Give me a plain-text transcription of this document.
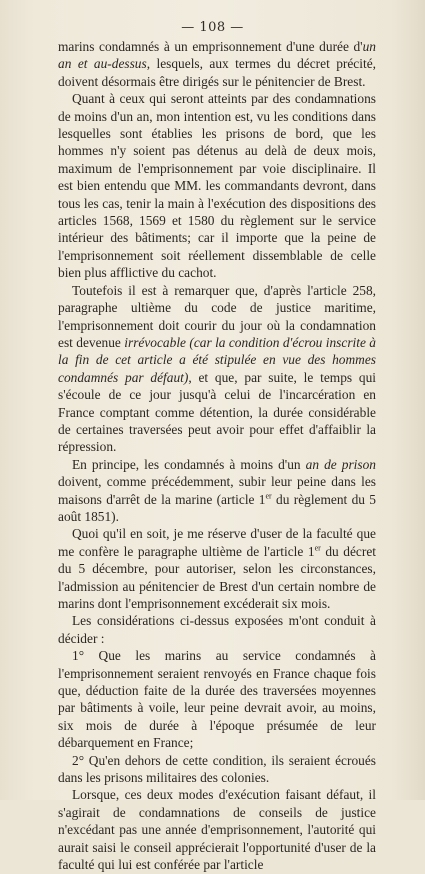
— 108 —

marins condamnés à un emprisonnement d'une durée d'un an et au-dessus, lesquels, aux termes du décret précité, doivent désormais être dirigés sur le pénitencier de Brest.

Quant à ceux qui seront atteints par des condamnations de moins d'un an, mon intention est, vu les conditions dans lesquelles sont établies les prisons de bord, que les hommes n'y soient pas détenus au delà de deux mois, maximum de l'emprisonnement par voie disciplinaire. Il est bien entendu que MM. les commandants devront, dans tous les cas, tenir la main à l'exécution des dispositions des articles 1568, 1569 et 1580 du règlement sur le service intérieur des bâtiments; car il importe que la peine de l'emprisonnement soit réellement dissemblable de celle bien plus afflictive du cachot.

Toutefois il est à remarquer que, d'après l'article 258, paragraphe ultième du code de justice maritime, l'emprisonnement doit courir du jour où la condamnation est devenue irrévocable (car la condition d'écrou inscrite à la fin de cet article a été stipulée en vue des hommes condamnés par défaut), et que, par suite, le temps qui s'écoule de ce jour jusqu'à celui de l'incarcération en France comptant comme détention, la durée considérable de certaines traversées peut avoir pour effet d'affaiblir la répression.

En principe, les condamnés à moins d'un an de prison doivent, comme précédemment, subir leur peine dans les maisons d'arrêt de la marine (article 1er du règlement du 5 août 1851).

Quoi qu'il en soit, je me réserve d'user de la faculté que me confère le paragraphe ultième de l'article 1er du décret du 5 décembre, pour autoriser, selon les circonstances, l'admission au pénitencier de Brest d'un certain nombre de marins dont l'emprisonnement excéderait six mois.

Les considérations ci-dessus exposées m'ont conduit à décider :

1° Que les marins au service condamnés à l'emprisonnement seraient renvoyés en France chaque fois que, déduction faite de la durée des traversées moyennes par bâtiments à voile, leur peine devrait avoir, au moins, six mois de durée à l'époque présumée de leur débarquement en France;

2° Qu'en dehors de cette condition, ils seraient écroués dans les prisons militaires des colonies.

Lorsque, ces deux modes d'exécution faisant défaut, il s'agirait de condamnations de conseils de justice n'excédant pas une année d'emprisonnement, l'autorité qui aurait saisi le conseil apprécierait l'opportunité d'user de la faculté qui lui est conférée par l'article
